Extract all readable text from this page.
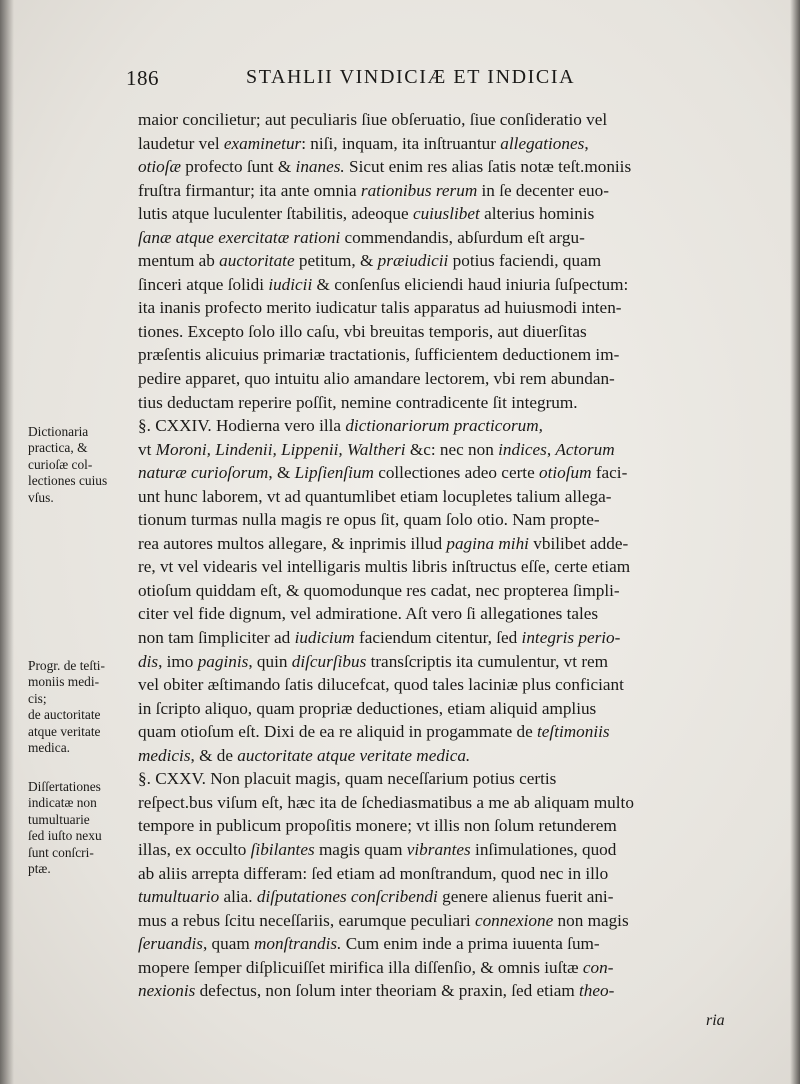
186	STAHLII VINDICIÆ ET INDICIA
maior concilietur; aut peculiaris ſiue obſeruatio, ſiue conſideratio vel
laudetur vel examinetur: niſi, inquam, ita inſtruantur allegationes,
otioſæ profecto ſunt & inanes. Sicut enim res alias ſatis notæ teſt.moniis
fruſtra firmantur; ita ante omnia rationibus rerum in ſe decenter euo-
lutis atque luculenter ſtabilitis, adeoque cuiuslibet alterius hominis
ſanæ atque exercitatæ rationi commendandis, abſurdum eſt argu-
mentum ab auctoritate petitum, & præiudicii potius faciendi, quam
ſinceri atque ſolidi iudicii & conſenſus eliciendi haud iniuria ſuſpectum:
ita inanis profecto merito iudicatur talis apparatus ad huiusmodi inten-
tiones. Excepto ſolo illo caſu, vbi breuitas temporis, aut diuerſitas
præſentis alicuius primariæ tractationis, ſufficientem deductionem im-
pedire apparet, quo intuitu alio amandare lectorem, vbi rem abundan-
tius deductam reperire poſſit, nemine contradicente ſit integrum.
§. CXXIV. Hodierna vero illa dictionariorum practicorum,
vt Moroni, Lindenii, Lippenii, Waltheri &c: nec non indices, Actorum
naturæ curioſorum, & Lipſienſium collectiones adeo certe otioſum faci-
unt hunc laborem, vt ad quantumlibet etiam locupletes talium allega-
tionum turmas nulla magis re opus ſit, quam ſolo otio. Nam propte-
rea autores multos allegare, & inprimis illud pagina mihi vbilibet adde-
re, vt vel videaris vel intelligaris multis libris inſtructus eſſe, certe etiam
otioſum quiddam eſt, & quomodunque res cadat, nec propterea ſimpli-
citer vel fide dignum, vel admiratione. Aſt vero ſi allegationes tales
non tam ſimpliciter ad iudicium faciendum citentur, ſed integris perio-
dis, imo paginis, quin diſcurſibus transſcriptis ita cumulentur, vt rem
vel obiter æſtimando ſatis dilucefcat, quod tales laciniæ plus conficiant
in ſcripto aliquo, quam propriæ deductiones, etiam aliquid amplius
quam otioſum eſt. Dixi de ea re aliquid in progammate de teſtimoniis
medicis, & de auctoritate atque veritate medica.
§. CXXV. Non placuit magis, quam neceſſarium potius certis
reſpect.bus viſum eſt, hæc ita de ſchediasmatibus a me ab aliquam multo
tempore in publicum propoſitis monere; vt illis non ſolum retunderem
illas, ex occulto ſibilantes magis quam vibrantes inſimulationes, quod
ab aliis arrepta differam: ſed etiam ad monſtrandum, quod nec in illo
tumultuario alia. diſputationes conſcribendi genere alienus fuerit ani-
mus a rebus ſcitu neceſſariis, earumque peculiari connexione non magis
ſeruandis, quam monſtrandis. Cum enim inde a prima iuuenta ſum-
mopere ſemper diſplicuiſſet mirifica illa diſſenſio, & omnis iuſtæ con-
nexionis defectus, non ſolum inter theoriam & praxin, ſed etiam theo-
Dictionaria
practica, &
curioſæ col-
lectiones cuius
vſus.
Progr. de teſti-
moniis medi-
cis;
de auctoritate
atque veritate
medica.
Diſſertationes
indicatæ non
tumultuarie
ſed iuſto nexu
ſunt conſcri-
ptæ.
ria
